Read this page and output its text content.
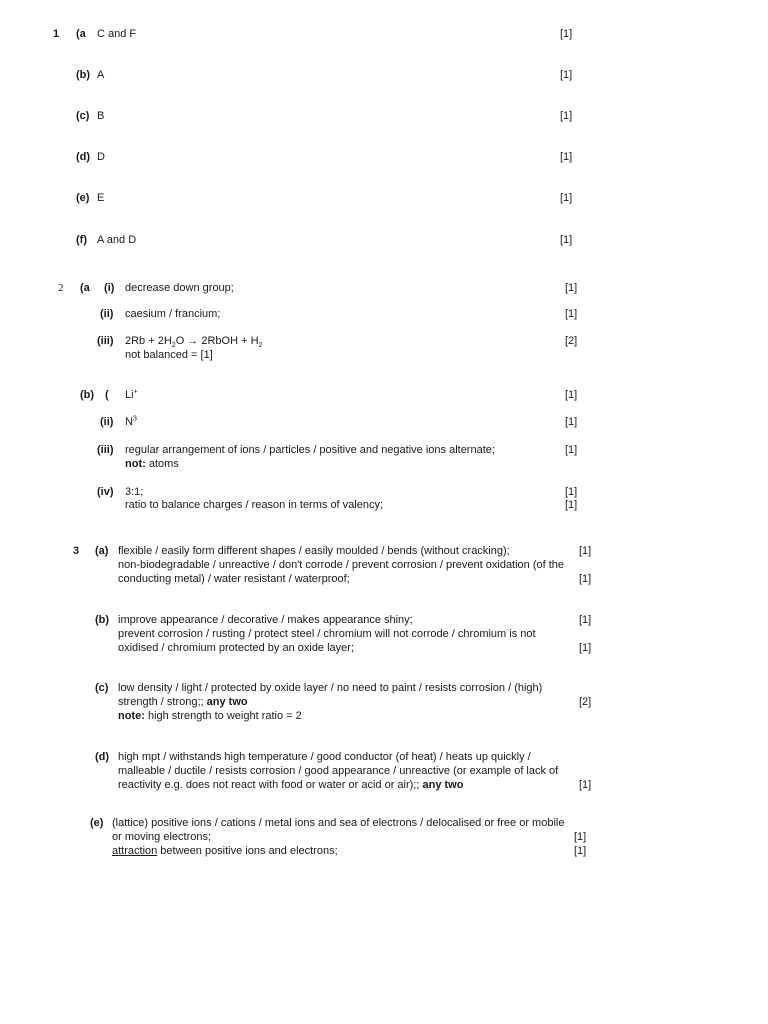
1 (a C and F	[1]
(b) A	[1]
(c) B	[1]
(d) D	[1]
(e) E	[1]
(f) A and D	[1]
2 (a (i) decrease down group;	[1]
(ii) caesium / francium;	[1]
(iii) $2Rb + 2H_2O$ → 2RbOH + $H_2$	[2]
not balanced = [1]
(b) ( Li+	[1]
(ii) $N^3$	[1]
(iii) regular arrangement of ions / particles / positive and negative ions alternate;	[1]
not: atoms
(iv) 3:1;	[1]
ratio to balance charges / reason in terms of valency;	[1]
3 (a) flexible / easily form different shapes / easily moulded / bends (without cracking);	[1]
non-biodegradable / unreactive / don't corrode / prevent corrosion / prevent oxidation (of the
conducting metal) / water resistant / waterproof;	[1]
(b) improve appearance / decorative / makes appearance shiny;	[1]
prevent corrosion / rusting / protect steel / chromium will not corrode / chromium is not
oxidised / chromium protected by an oxide layer;	[1]
(c) low density / light / protected by oxide layer / no need to paint / resists corrosion / (high)
strength / strong;; any two	[2]
note: high strength to weight ratio = 2
(d) high mpt / withstands high temperature / good conductor (of heat) / heats up quickly /
malleable / ductile / resists corrosion / good appearance / unreactive (or example of lack of
reactivity e.g. does not react with food or water or acid or air);; any two	[1]
(e) (lattice) positive ions / cations / metal ions and sea of electrons / delocalised or free or mobile
or moving electrons;	[1]
attraction between positive ions and electrons;	[1]
